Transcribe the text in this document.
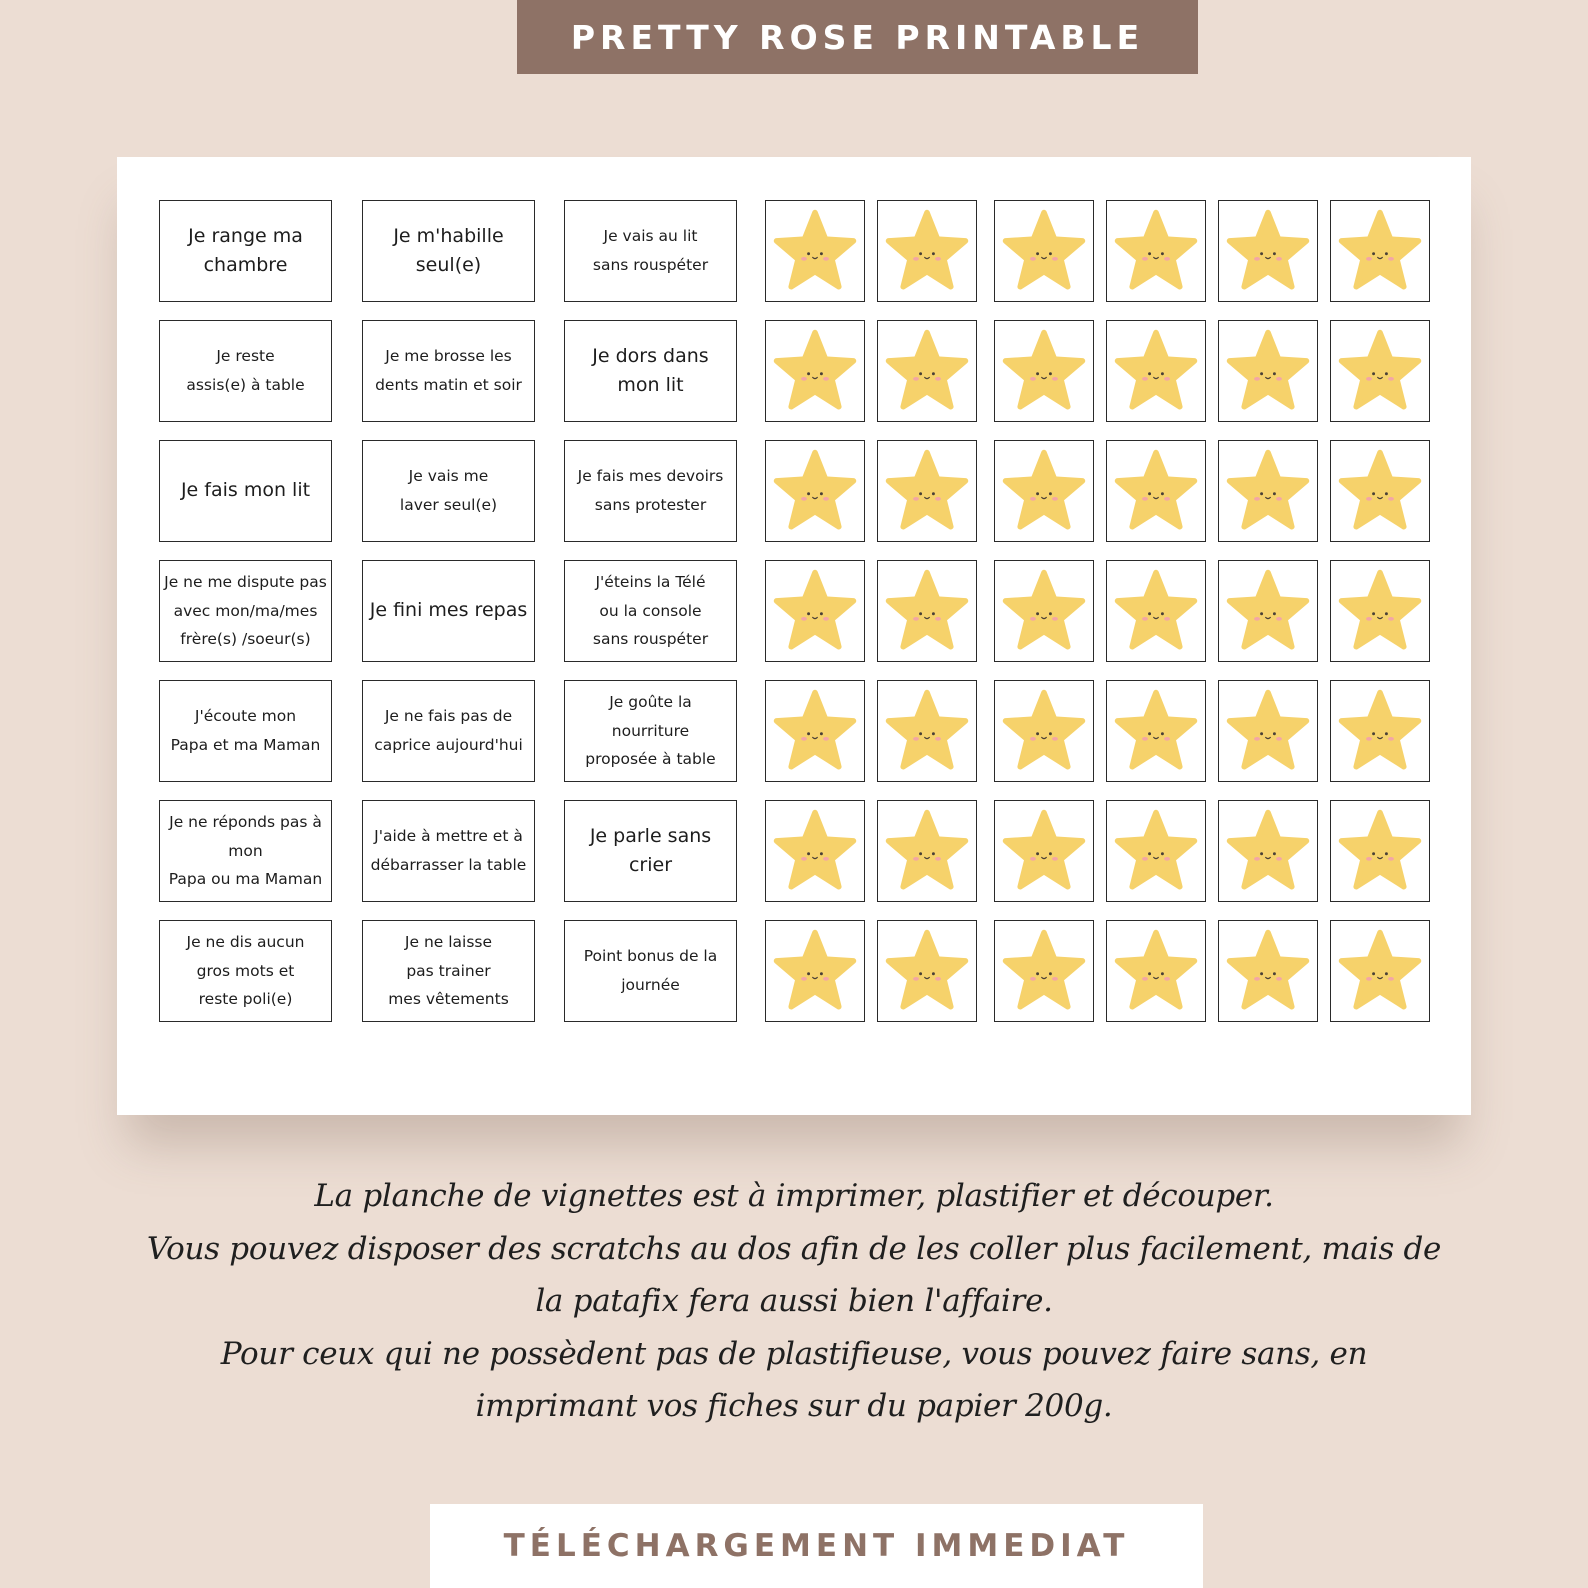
PRETTY ROSE PRINTABLE
Je range ma
chambre
Je m'habille
seul(e)
Je vais au lit
sans rouspéter
Je reste
assis(e) à table
Je me brosse les
dents matin et soir
Je dors dans
mon lit
Je fais mon lit
Je vais me
laver seul(e)
Je fais mes devoirs
sans protester
Je ne me dispute pas
avec mon/ma/mes
frère(s) /soeur(s)
Je fini mes repas
J'éteins la Télé
ou la console
sans rouspéter
J'écoute mon
Papa et ma Maman
Je ne fais pas de
caprice aujourd'hui
Je goûte la
nourriture
proposée à table
Je ne réponds pas à mon
Papa ou ma Maman
J'aide à mettre et à
débarrasser la table
Je parle sans crier
Je ne dis aucun
gros mots et
reste poli(e)
Je ne laisse
pas trainer
mes vêtements
Point bonus de la
journée
La planche de vignettes est à imprimer, plastifier et découper.
Vous pouvez disposer des scratchs au dos afin de les coller plus facilement, mais de
la patafix fera aussi bien l'affaire.
Pour ceux qui ne possèdent pas de plastifieuse, vous pouvez faire sans, en
imprimant vos fiches sur du papier 200g.
TÉLÉCHARGEMENT IMMEDIAT
